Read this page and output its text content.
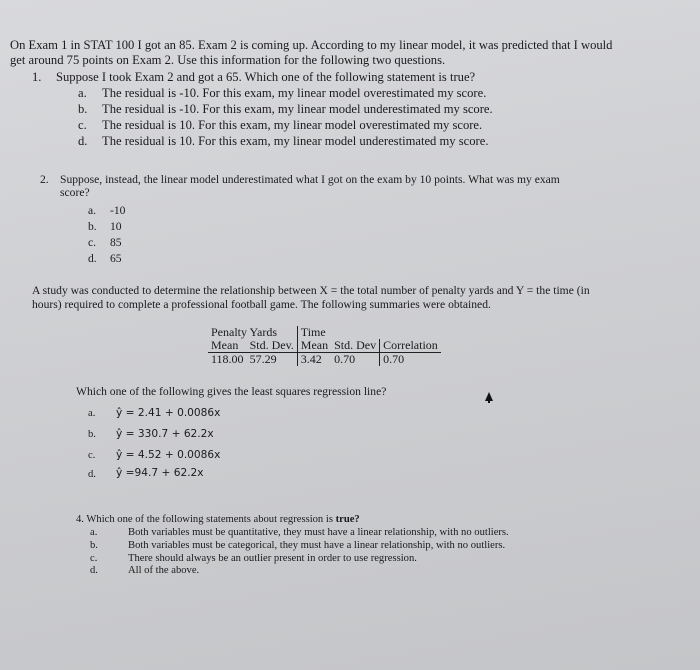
On Exam 1 in STAT 100 I got an 85. Exam 2 is coming up. According to my linear model, it was predicted that I would
get around 75 points on Exam 2. Use this information for the following two questions.
1. Suppose I took Exam 2 and got a 65. Which one of the following statement is true?
a. The residual is -10. For this exam, my linear model overestimated my score.
b. The residual is -10. For this exam, my linear model underestimated my score.
c. The residual is 10. For this exam, my linear model overestimated my score.
d. The residual is 10. For this exam, my linear model underestimated my score.
2. Suppose, instead, the linear model underestimated what I got on the exam by 10 points. What was my exam
score?
a. -10
b. 10
c. 85
d. 65
A study was conducted to determine the relationship between X = the total number of penalty yards and Y = the time (in
hours) required to complete a professional football game. The following summaries were obtained.
Penalty Yards		Time		
Mean	Std. Dev.	Mean	Std. Dev	Correlation
118.00	57.29	3.42	0.70	0.70
Which one of the following gives the least squares regression line?
a. ŷ = 2.41 + 0.0086x
b. ŷ = 330.7 + 62.2x
c. ŷ = 4.52 + 0.0086x
d. ŷ =94.7 + 62.2x
4. Which one of the following statements about regression is true?
a.	Both variables must be quantitative, they must have a linear relationship, with no outliers.
b.	Both variables must be categorical, they must have a linear relationship, with no outliers.
c.	There should always be an outlier present in order to use regression.
d.	All of the above.
